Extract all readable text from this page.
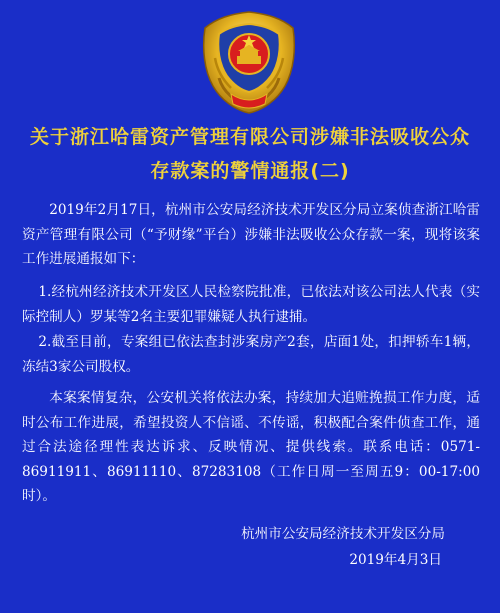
关于浙江哈雷资产管理有限公司涉嫌非法吸收公众
存款案的警情通报(二)
2019年2月17日，杭州市公安局经济技术开发区分局立案侦查浙江哈雷资产管理有限公司（“予财缘”平台）涉嫌非法吸收公众存款一案，现将该案工作进展通报如下：
1.经杭州经济技术开发区人民检察院批准，已依法对该公司法人代表（实际控制人）罗某等2名主要犯罪嫌疑人执行逮捕。
2.截至目前，专案组已依法查封涉案房产2套，店面1处，扣押轿车1辆，冻结3家公司股权。
本案案情复杂，公安机关将依法办案，持续加大追赃挽损工作力度，适时公布工作进展，希望投资人不信谣、不传谣，积极配合案件侦查工作，通过合法途径理性表达诉求、反映情况、提供线索。联系电话：0571-86911911、86911110、87283108（工作日周一至周五9：00-17:00时）。
杭州市公安局经济技术开发区分局
2019年4月3日
